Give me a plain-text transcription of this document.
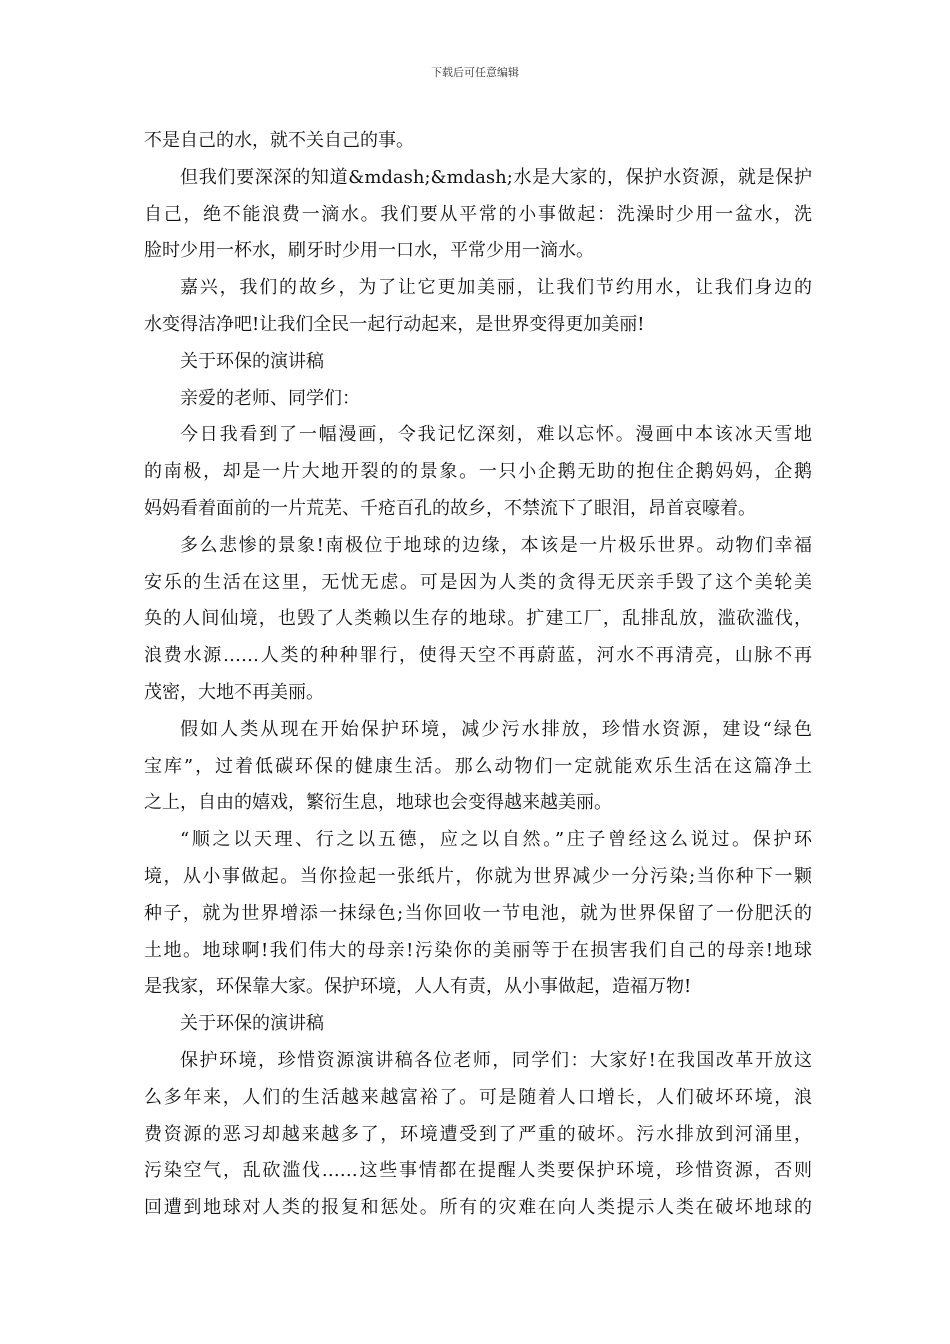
下载后可任意编辑
不是自己的水，就不关自己的事。
但我们要深深的知道&mdash;&mdash;水是大家的，保护水资源，就是保护
自己，绝不能浪费一滴水。我们要从平常的小事做起：洗澡时少用一盆水，洗
脸时少用一杯水，刷牙时少用一口水，平常少用一滴水。
嘉兴，我们的故乡，为了让它更加美丽，让我们节约用水，让我们身边的
水变得洁净吧!让我们全民一起行动起来，是世界变得更加美丽!
关于环保的演讲稿
亲爱的老师、同学们：
今日我看到了一幅漫画，令我记忆深刻，难以忘怀。漫画中本该冰天雪地
的南极，却是一片大地开裂的的景象。一只小企鹅无助的抱住企鹅妈妈，企鹅
妈妈看着面前的一片荒芜、千疮百孔的故乡，不禁流下了眼泪，昂首哀嚎着。
多么悲惨的景象!南极位于地球的边缘，本该是一片极乐世界。动物们幸福
安乐的生活在这里，无忧无虑。可是因为人类的贪得无厌亲手毁了这个美轮美
奂的人间仙境，也毁了人类赖以生存的地球。扩建工厂，乱排乱放，滥砍滥伐，
浪费水源……人类的种种罪行，使得天空不再蔚蓝，河水不再清亮，山脉不再
茂密，大地不再美丽。
假如人类从现在开始保护环境，减少污水排放，珍惜水资源，建设“绿色
宝库”，过着低碳环保的健康生活。那么动物们一定就能欢乐生活在这篇净土
之上，自由的嬉戏，繁衍生息，地球也会变得越来越美丽。
“顺之以天理、行之以五德，应之以自然。”庄子曾经这么说过。保护环
境，从小事做起。当你捡起一张纸片，你就为世界减少一分污染;当你种下一颗
种子，就为世界增添一抹绿色;当你回收一节电池，就为世界保留了一份肥沃的
土地。地球啊!我们伟大的母亲!污染你的美丽等于在损害我们自己的母亲!地球
是我家，环保靠大家。保护环境，人人有责，从小事做起，造福万物!
关于环保的演讲稿
保护环境，珍惜资源演讲稿各位老师，同学们：大家好!在我国改革开放这
么多年来，人们的生活越来越富裕了。可是随着人口增长，人们破坏环境，浪
费资源的恶习却越来越多了，环境遭受到了严重的破坏。污水排放到河涌里，
污染空气，乱砍滥伐……这些事情都在提醒人类要保护环境，珍惜资源，否则
回遭到地球对人类的报复和惩处。所有的灾难在向人类提示人类在破坏地球的
